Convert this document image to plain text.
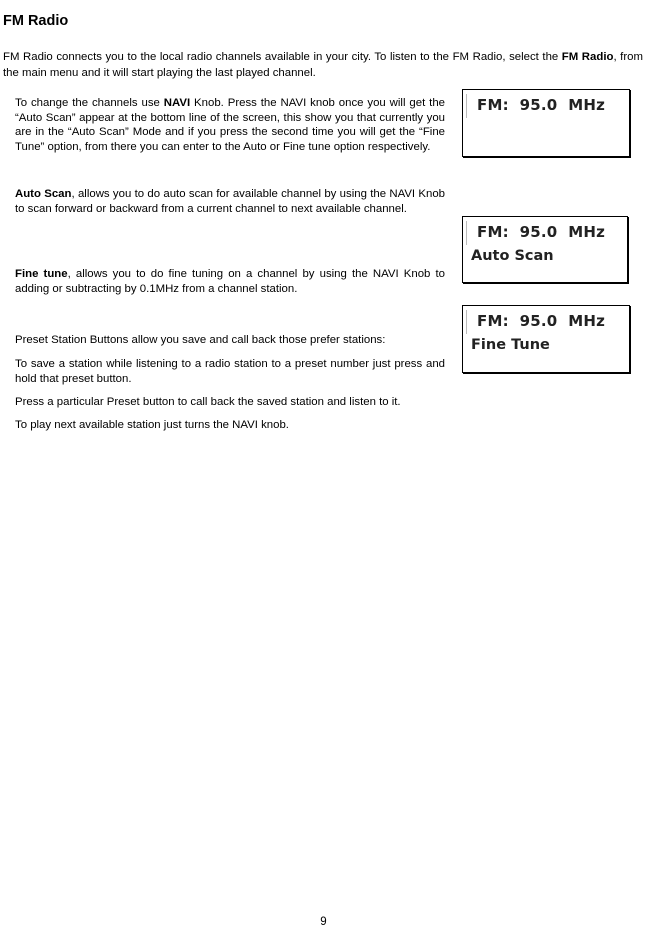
FM Radio
FM Radio connects you to the local radio channels available in your city. To listen to the FM Radio, select the FM Radio, from the main menu and it will start playing the last played channel.
To change the channels use NAVI Knob. Press the NAVI knob once you will get the “Auto Scan” appear at the bottom line of the screen, this show you that currently you are in the “Auto Scan” Mode and if you press the second time you will get the “Fine Tune” option, from there you can enter to the Auto or Fine tune option respectively.
Auto Scan, allows you to do auto scan for available channel by using the NAVI Knob to scan forward or backward from a current channel to next available channel.
Fine tune, allows you to do fine tuning on a channel by using the NAVI Knob to adding or subtracting by 0.1MHz from a channel station.
Preset Station Buttons allow you save and call back those prefer stations:
To save a station while listening to a radio station to a preset number just press and hold that preset button.
Press a particular Preset button to call back the saved station and listen to it.
To play next available station just turns the NAVI knob.
FM:  95.0  MHz
FM:  95.0  MHz
Auto Scan
FM:  95.0  MHz
Fine Tune
9
